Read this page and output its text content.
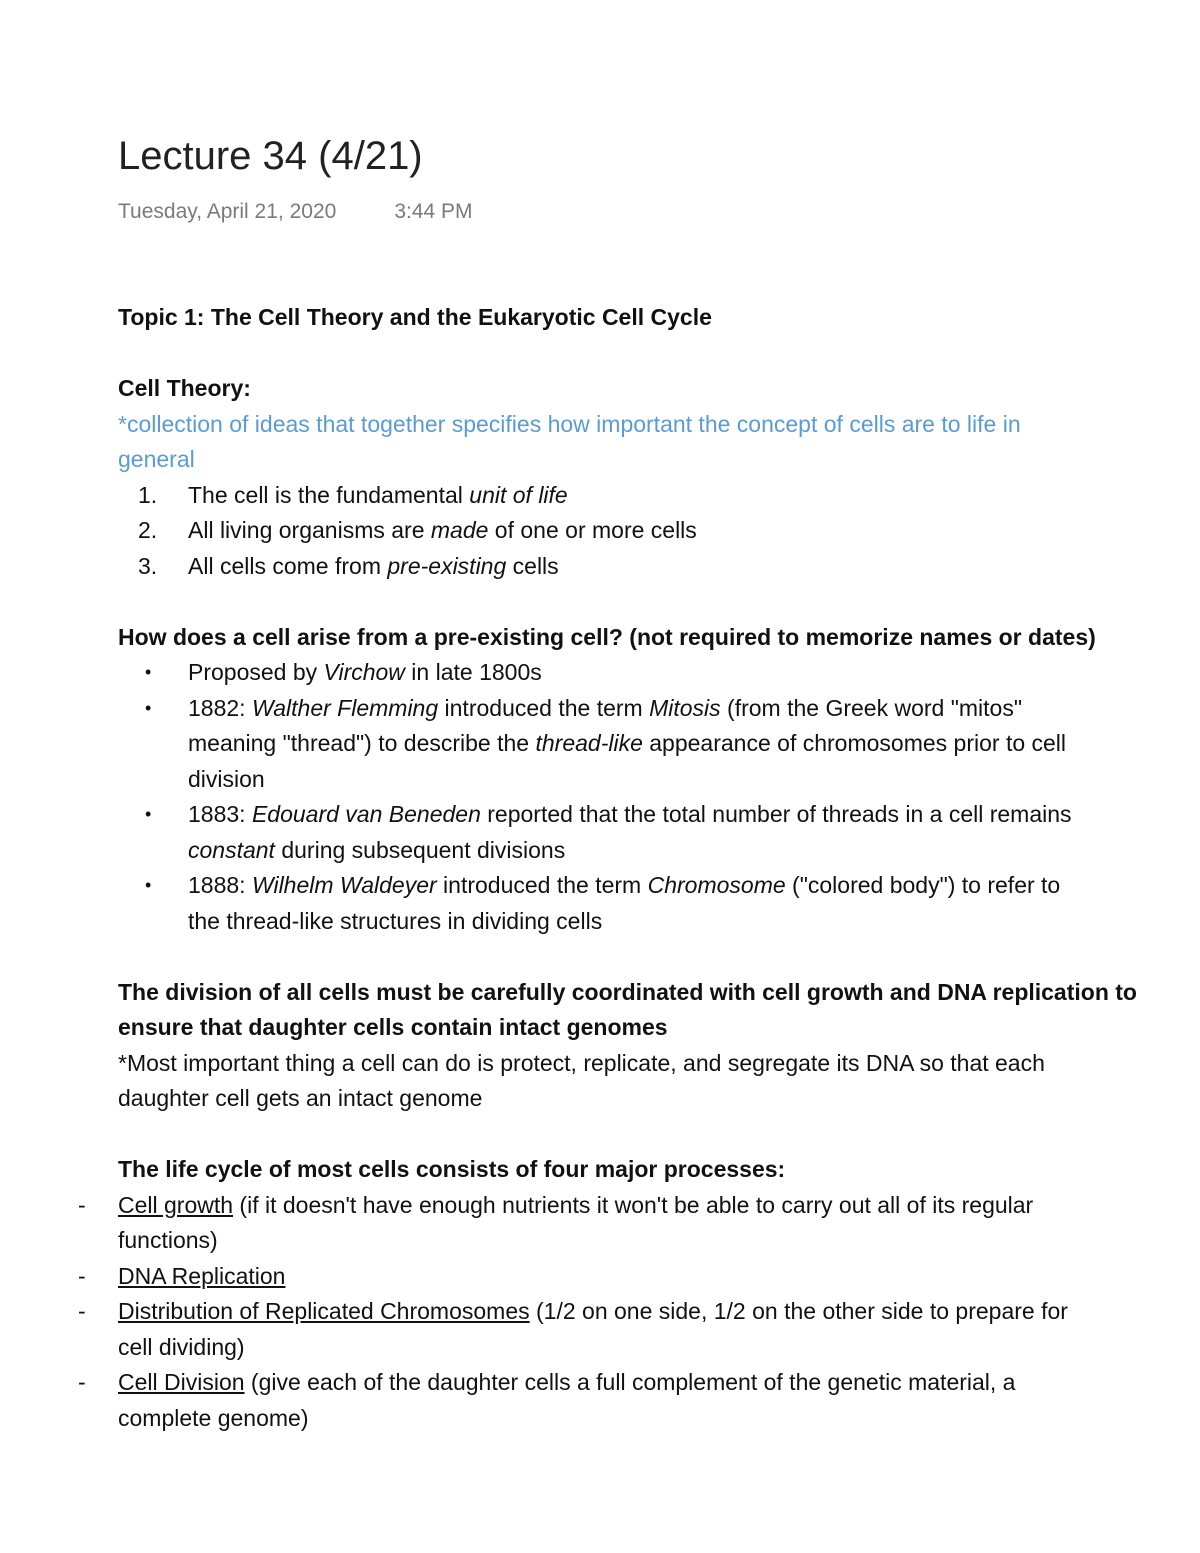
Lecture 34 (4/21)
Tuesday, April 21, 2020	3:44 PM

Topic 1: The Cell Theory and the Eukaryotic Cell Cycle

Cell Theory:

*collection of ideas that together specifies how important the concept of cells are to life in

general

1. The cell is the fundamental unit of life
2. All living organisms are made of one or more cells
3. All cells come from pre-existing cells

How does a cell arise from a pre-existing cell? (not required to memorize names or dates)

• Proposed by Virchow in late 1800s
• 1882: Walther Flemming introduced the term Mitosis (from the Greek word "mitos"
meaning "thread") to describe the thread-like appearance of chromosomes prior to cell
division
• 1883: Edouard van Beneden reported that the total number of threads in a cell remains
constant during subsequent divisions
• 1888: Wilhelm Waldeyer introduced the term Chromosome ("colored body") to refer to
the thread-like structures in dividing cells

The division of all cells must be carefully coordinated with cell growth and DNA replication to

ensure that daughter cells contain intact genomes

*Most important thing a cell can do is protect, replicate, and segregate its DNA so that each

daughter cell gets an intact genome

The life cycle of most cells consists of four major processes:

- Cell growth (if it doesn't have enough nutrients it won't be able to carry out all of its regular
functions)
- DNA Replication
- Distribution of Replicated Chromosomes (1/2 on one side, 1/2 on the other side to prepare for
cell dividing)
- Cell Division (give each of the daughter cells a full complement of the genetic material, a
complete genome)
